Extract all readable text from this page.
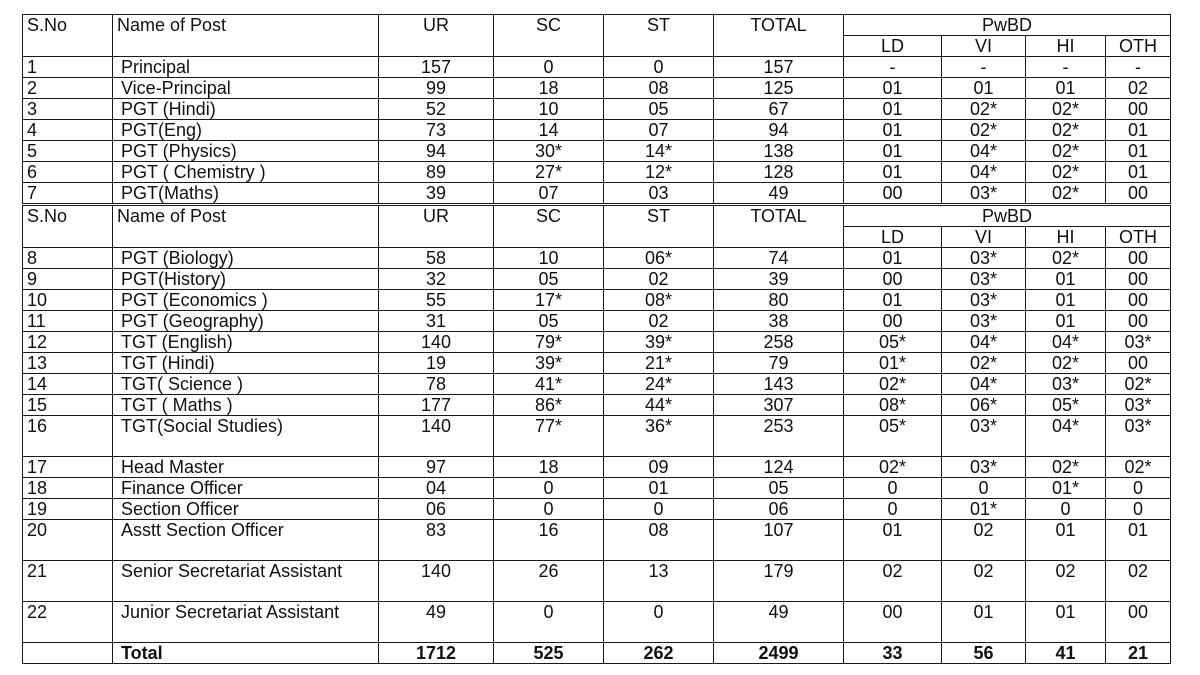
S.No	Name of Post	UR	SC	ST	TOTAL	PwBD			
						LD	VI	HI	OTH
1	Principal	157	0	0	157	-	-	-	-
2	Vice-Principal	99	18	08	125	01	01	01	02
3	PGT (Hindi)	52	10	05	67	01	02*	02*	00
4	PGT(Eng)	73	14	07	94	01	02*	02*	01
5	PGT (Physics)	94	30*	14*	138	01	04*	02*	01
6	PGT ( Chemistry )	89	27*	12*	128	01	04*	02*	01
7	PGT(Maths)	39	07	03	49	00	03*	02*	00
S.No	Name of Post	UR	SC	ST	TOTAL	PwBD			
						LD	VI	HI	OTH
8	PGT (Biology)	58	10	06*	74	01	03*	02*	00
9	PGT(History)	32	05	02	39	00	03*	01	00
10	PGT (Economics )	55	17*	08*	80	01	03*	01	00
11	PGT (Geography)	31	05	02	38	00	03*	01	00
12	TGT (English)	140	79*	39*	258	05*	04*	04*	03*
13	TGT (Hindi)	19	39*	21*	79	01*	02*	02*	00
14	TGT( Science )	78	41*	24*	143	02*	04*	03*	02*
15	TGT ( Maths )	177	86*	44*	307	08*	06*	05*	03*
16	TGT(Social Studies)	140	77*	36*	253	05*	03*	04*	03*
17	Head Master	97	18	09	124	02*	03*	02*	02*
18	Finance Officer	04	0	01	05	0	0	01*	0
19	Section Officer	06	0	0	06	0	01*	0	0
20	Asstt Section Officer	83	16	08	107	01	02	01	01
21	Senior Secretariat Assistant	140	26	13	179	02	02	02	02
22	Junior Secretariat Assistant	49	0	0	49	00	01	01	00
	Total	1712	525	262	2499	33	56	41	21
